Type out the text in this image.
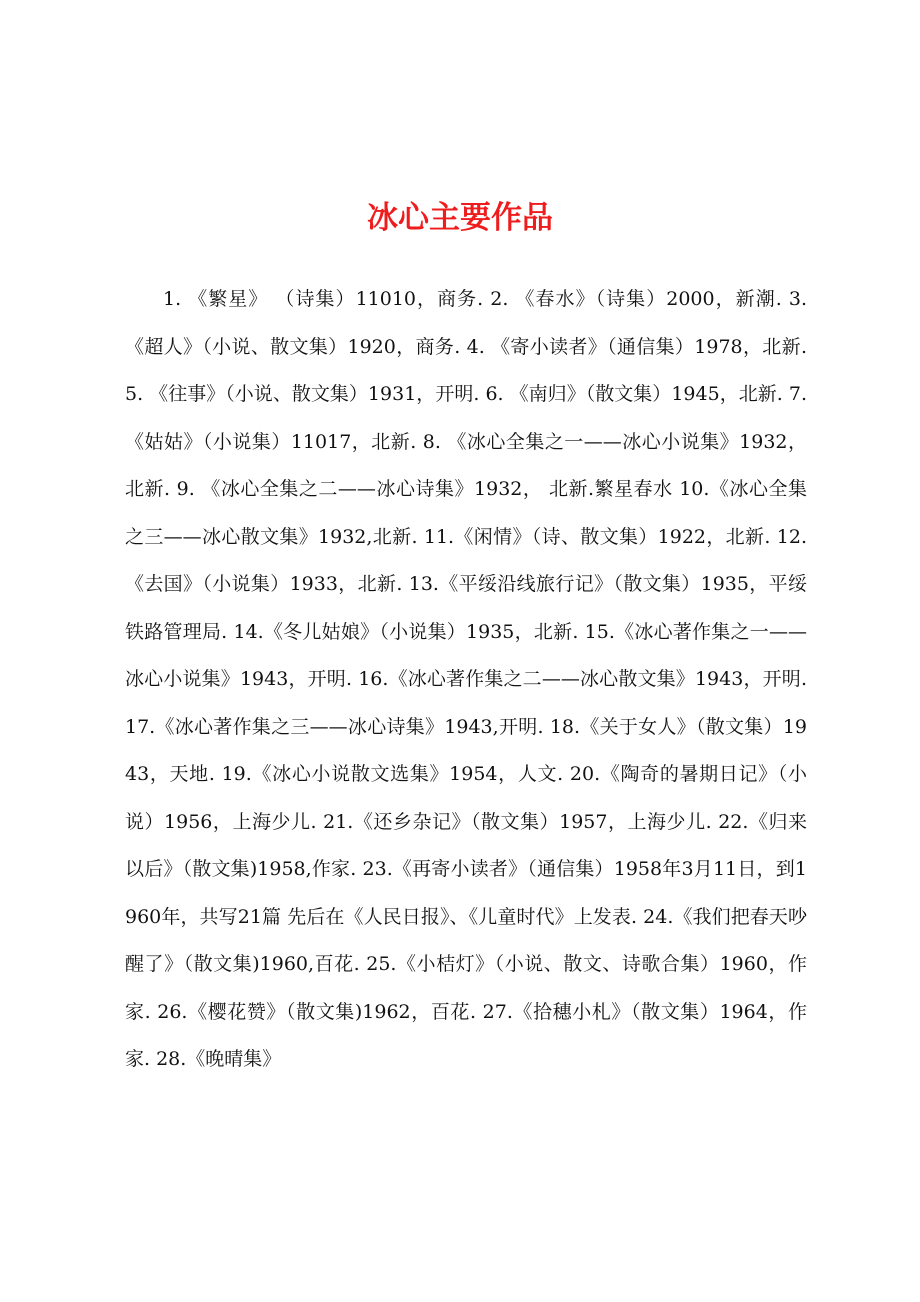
冰心主要作品

1. 《繁星》 （诗集）11010，商务. 2. 《春水》（诗集）2000，新潮. 3. 《超人》（小说、散文集）1920，商务. 4. 《寄小读者》（通信集）1978，北新. 5. 《往事》（小说、散文集）1931，开明. 6. 《南归》（散文集）1945，北新. 7. 《姑姑》（小说集）11017，北新. 8. 《冰心全集之一——冰心小说集》1932，北新. 9. 《冰心全集之二——冰心诗集》1932， 北新.繁星春水 10.《冰心全集之三——冰心散文集》1932,北新. 11.《闲情》（诗、散文集）1922，北新. 12.《去国》（小说集）1933，北新. 13.《平绥沿线旅行记》（散文集）1935，平绥铁路管理局. 14.《冬儿姑娘》（小说集）1935，北新. 15.《冰心著作集之一——冰心小说集》1943，开明. 16.《冰心著作集之二——冰心散文集》1943，开明. 17.《冰心著作集之三——冰心诗集》1943,开明. 18.《关于女人》（散文集）1943，天地. 19.《冰心小说散文选集》1954，人文. 20.《陶奇的暑期日记》（小说）1956，上海少儿. 21.《还乡杂记》（散文集）1957，上海少儿. 22.《归来以后》（散文集)1958,作家. 23.《再寄小读者》（通信集）1958年3月11日，到1960年，共写21篇 先后在《人民日报》、《儿童时代》上发表. 24.《我们把春天吵醒了》（散文集)1960,百花. 25.《小桔灯》（小说、散文、诗歌合集）1960，作家. 26.《樱花赞》（散文集)1962，百花. 27.《拾穗小札》（散文集）1964，作家. 28.《晚晴集》
